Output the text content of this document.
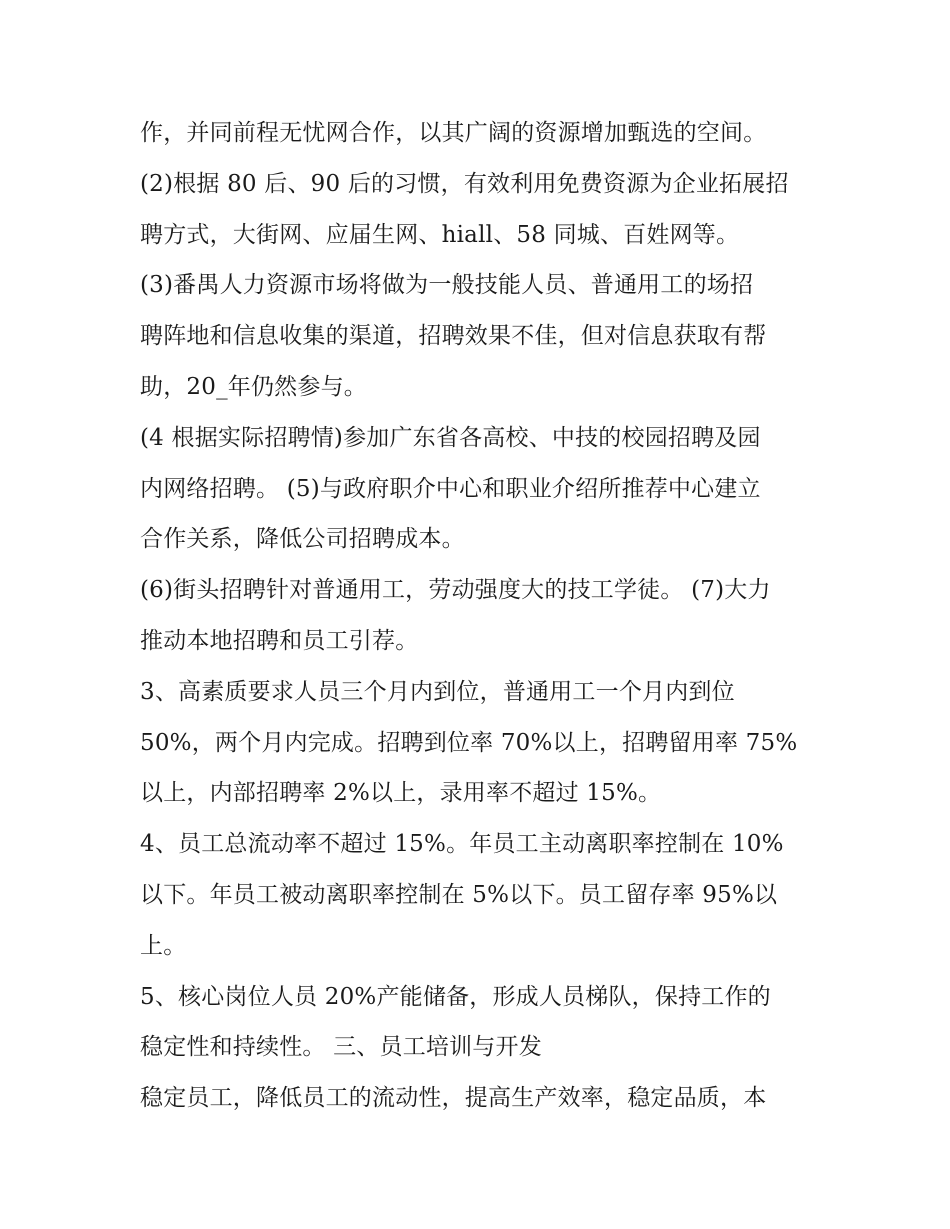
作，并同前程无忧网合作，以其广阔的资源增加甄选的空间。
(2)根据 80 后、90 后的习惯，有效利用免费资源为企业拓展招
聘方式，大街网、应届生网、hiall、58 同城、百姓网等。
(3)番禺人力资源市场将做为一般技能人员、普通用工的场招
聘阵地和信息收集的渠道，招聘效果不佳，但对信息获取有帮
助，20_年仍然参与。
(4 根据实际招聘情)参加广东省各高校、中技的校园招聘及园
内网络招聘。 (5)与政府职介中心和职业介绍所推荐中心建立
合作关系，降低公司招聘成本。
(6)街头招聘针对普通用工，劳动强度大的技工学徒。 (7)大力
推动本地招聘和员工引荐。
3、高素质要求人员三个月内到位，普通用工一个月内到位
50%，两个月内完成。招聘到位率 70%以上，招聘留用率 75%
以上，内部招聘率 2%以上，录用率不超过 15%。
4、员工总流动率不超过 15%。年员工主动离职率控制在 10%
以下。年员工被动离职率控制在 5%以下。员工留存率 95%以
上。
5、核心岗位人员 20%产能储备，形成人员梯队，保持工作的
稳定性和持续性。 三、员工培训与开发
稳定员工，降低员工的流动性，提高生产效率，稳定品质，本
